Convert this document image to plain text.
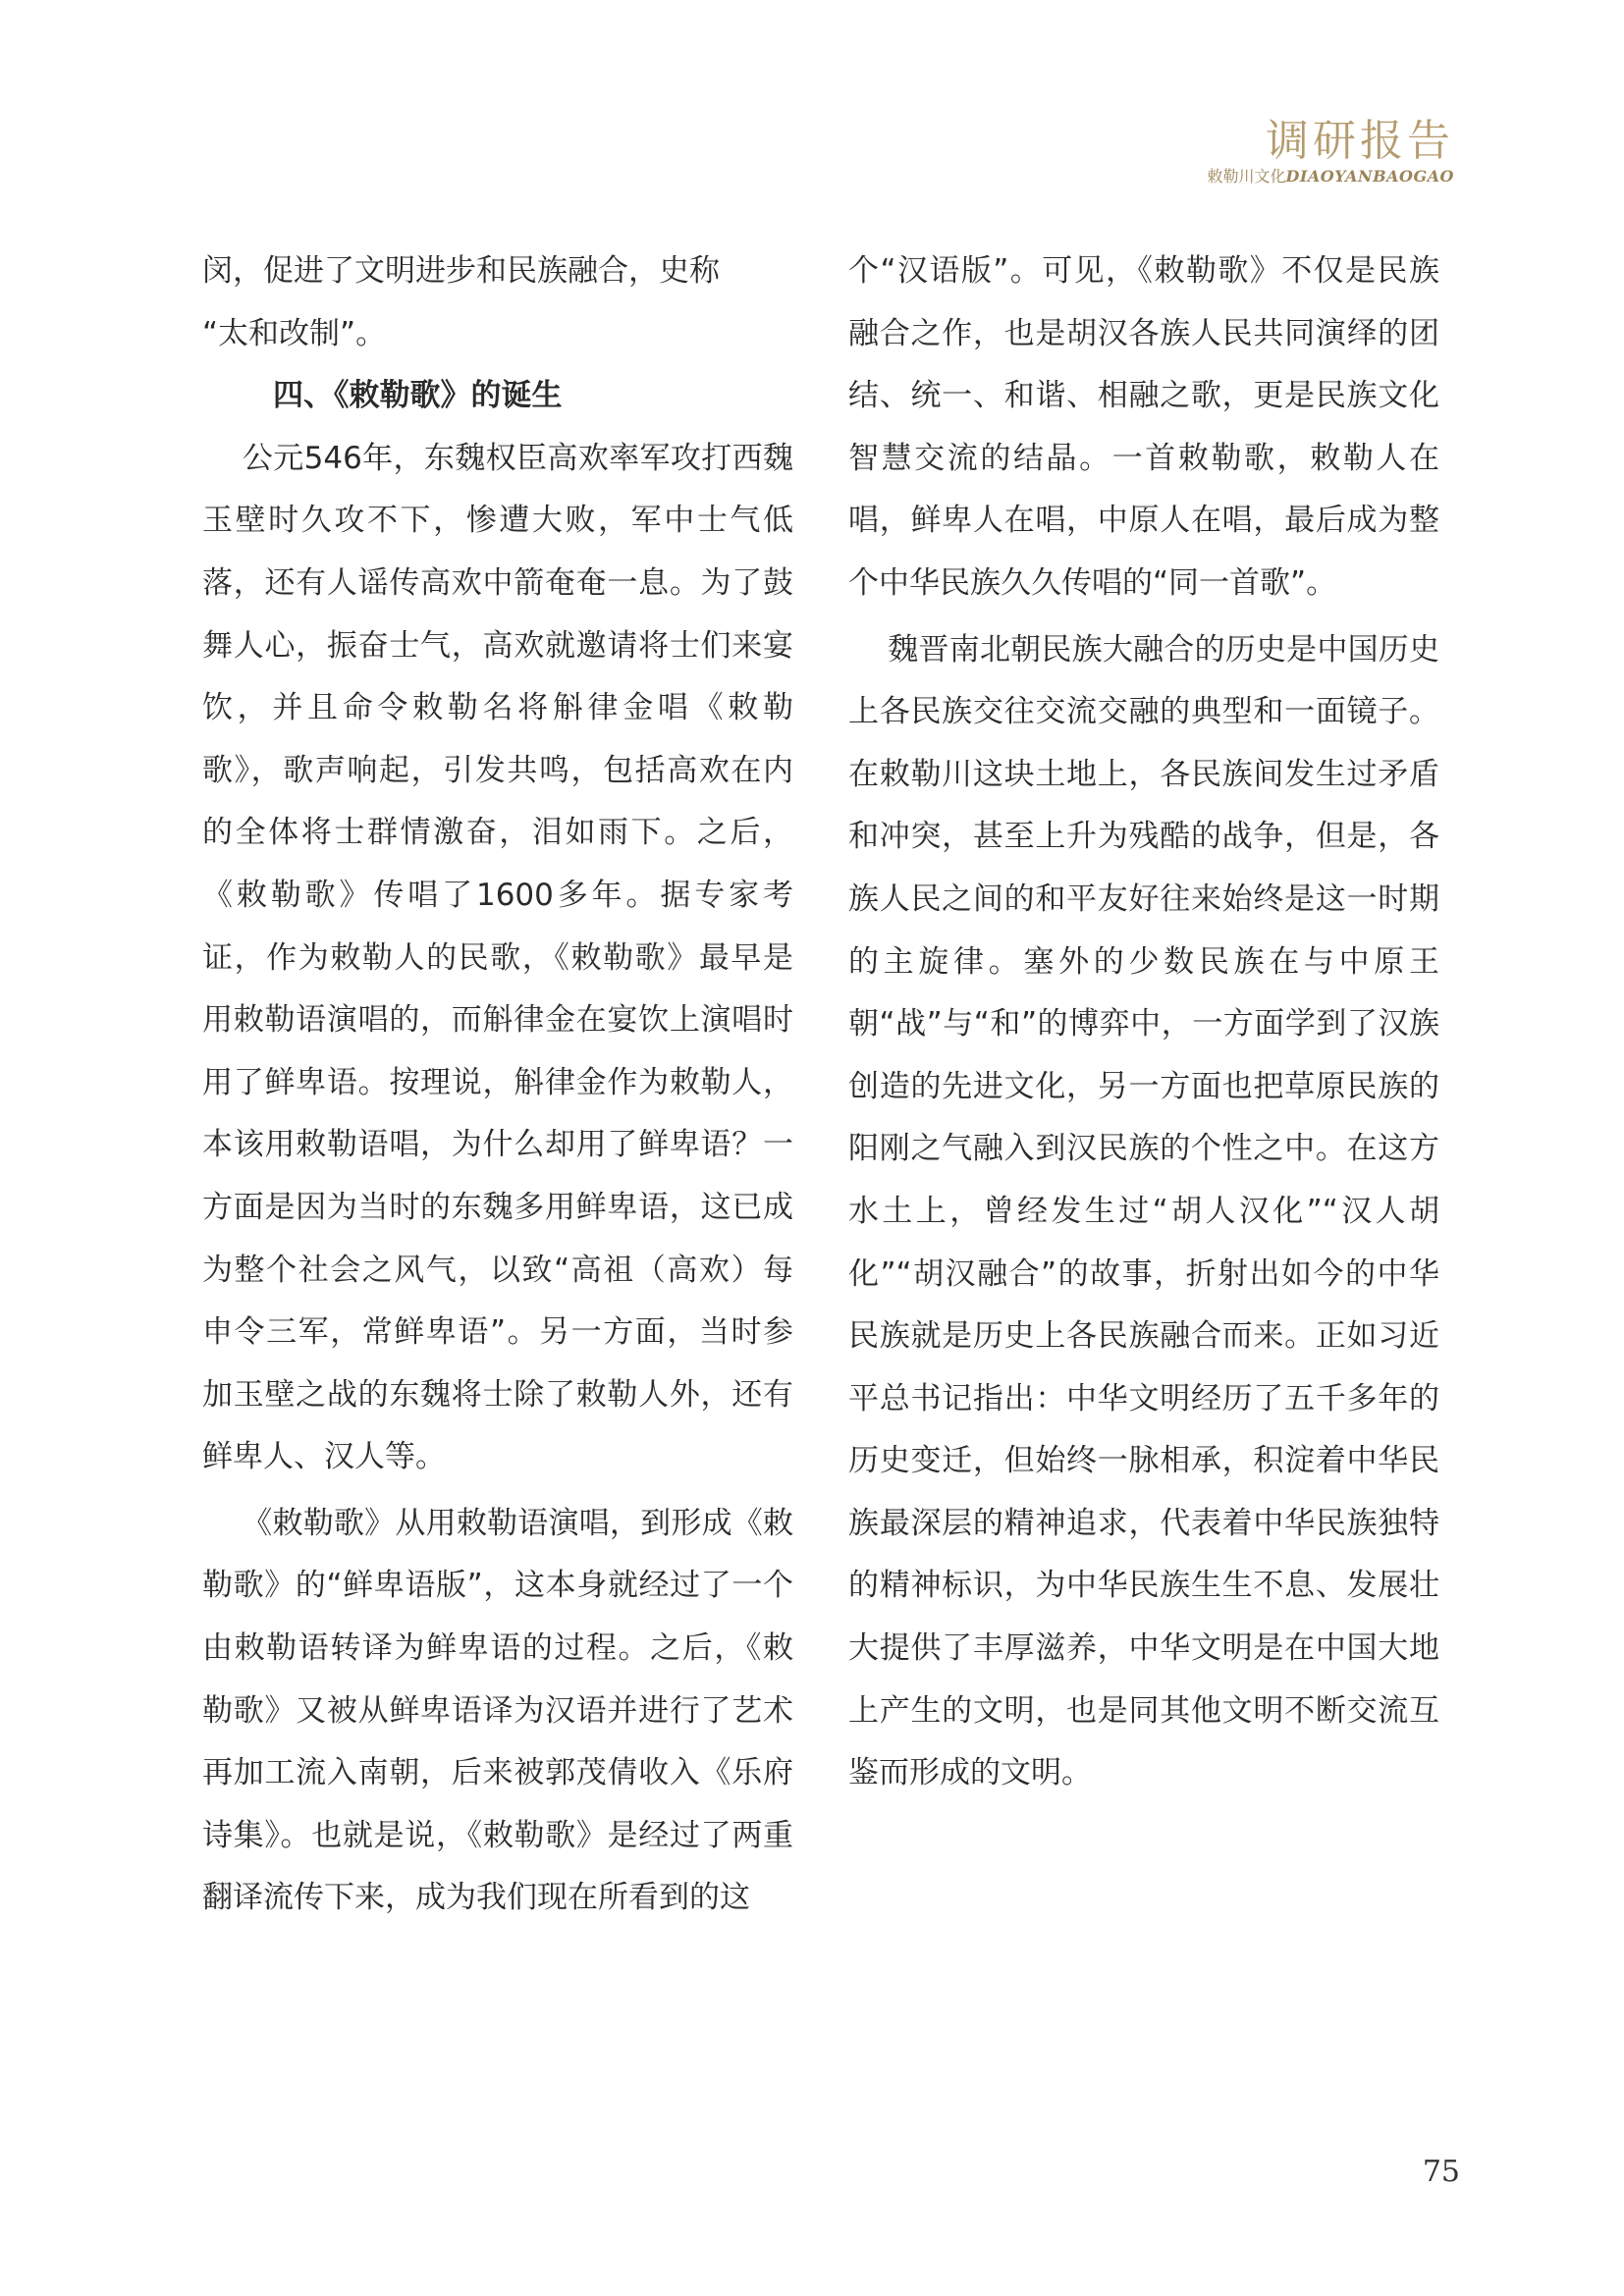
调研报告
敕勒川文化DIAOYANBAOGAO

闵，促进了文明进步和民族融合，史称
“太和改制”。

四、《敕勒歌》的诞生

公元546年，东魏权臣高欢率军攻打西魏玉壁时久攻不下，惨遭大败，军中士气低落，还有人谣传高欢中箭奄奄一息。为了鼓舞人心，振奋士气，高欢就邀请将士们来宴饮，并且命令敕勒名将斛律金唱《敕勒歌》，歌声响起，引发共鸣，包括高欢在内的全体将士群情激奋，泪如雨下。之后，《敕勒歌》传唱了1600多年。据专家考证，作为敕勒人的民歌，《敕勒歌》最早是用敕勒语演唱的，而斛律金在宴饮上演唱时用了鲜卑语。按理说，斛律金作为敕勒人，本该用敕勒语唱，为什么却用了鲜卑语？一方面是因为当时的东魏多用鲜卑语，这已成为整个社会之风气，以致“高祖（高欢）每申令三军，常鲜卑语”。另一方面，当时参加玉壁之战的东魏将士除了敕勒人外，还有鲜卑人、汉人等。

《敕勒歌》从用敕勒语演唱，到形成《敕勒歌》的“鲜卑语版”，这本身就经过了一个由敕勒语转译为鲜卑语的过程。之后，《敕勒歌》又被从鲜卑语译为汉语并进行了艺术再加工流入南朝，后来被郭茂倩收入《乐府诗集》。也就是说，《敕勒歌》是经过了两重翻译流传下来，成为我们现在所看到的这

个“汉语版”。可见，《敕勒歌》不仅是民族融合之作，也是胡汉各族人民共同演绎的团结、统一、和谐、相融之歌，更是民族文化智慧交流的结晶。一首敕勒歌，敕勒人在唱，鲜卑人在唱，中原人在唱，最后成为整个中华民族久久传唱的“同一首歌”。

魏晋南北朝民族大融合的历史是中国历史上各民族交往交流交融的典型和一面镜子。在敕勒川这块土地上，各民族间发生过矛盾和冲突，甚至上升为残酷的战争，但是，各族人民之间的和平友好往来始终是这一时期的主旋律。塞外的少数民族在与中原王朝“战”与“和”的博弈中，一方面学到了汉族创造的先进文化，另一方面也把草原民族的阳刚之气融入到汉民族的个性之中。在这方水土上，曾经发生过“胡人汉化”“汉人胡化”“胡汉融合”的故事，折射出如今的中华民族就是历史上各民族融合而来。正如习近平总书记指出：中华文明经历了五千多年的历史变迁，但始终一脉相承，积淀着中华民族最深层的精神追求，代表着中华民族独特的精神标识，为中华民族生生不息、发展壮大提供了丰厚滋养，中华文明是在中国大地上产生的文明，也是同其他文明不断交流互鉴而形成的文明。

75
